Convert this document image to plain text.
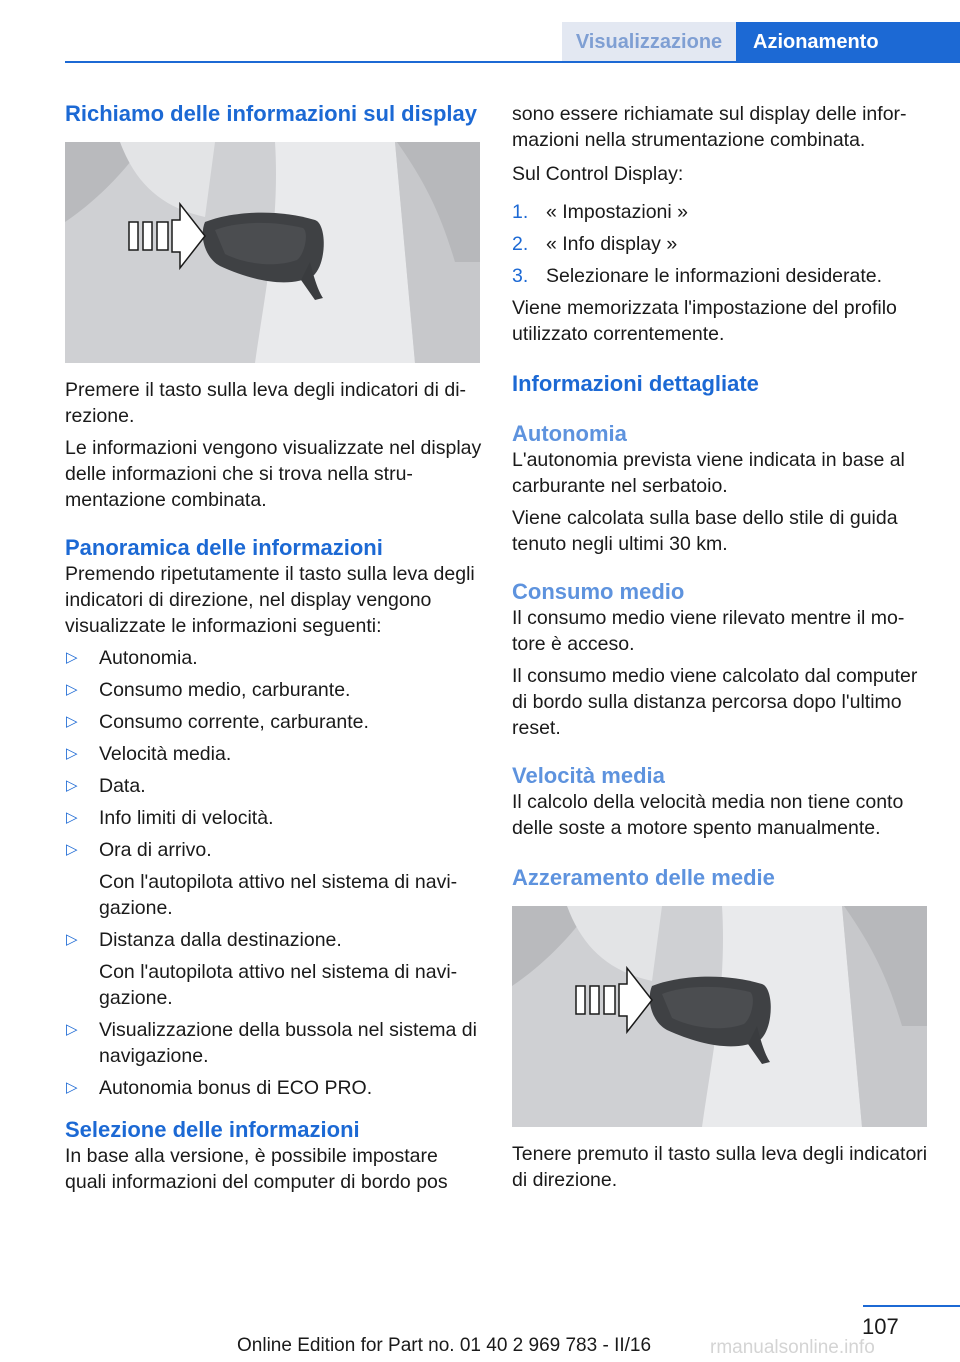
Visualizzazione	Azionamento
Richiamo delle informazioni sul display

Premere il tasto sulla leva degli indicatori di direzione.

Le informazioni vengono visualizzate nel display delle informazioni che si trova nella strumentazione combinata.

Panoramica delle informazioni

Premendo ripetutamente il tasto sulla leva degli indicatori di direzione, nel display vengono visualizzate le informazioni seguenti:

▷ Autonomia.
▷ Consumo medio, carburante.
▷ Consumo corrente, carburante.
▷ Velocità media.
▷ Data.
▷ Info limiti di velocità.
▷ Ora di arrivo.
Con l'autopilota attivo nel sistema di navigazione.
▷ Distanza dalla destinazione.
Con l'autopilota attivo nel sistema di navigazione.
▷ Visualizzazione della bussola nel sistema di navigazione.
▷ Autonomia bonus di ECO PRO.
Selezione delle informazioni

In base alla versione, è possibile impostare quali informazioni del computer di bordo pos

sono essere richiamate sul display delle informazioni nella strumentazione combinata.

Sul Control Display:

1. « Impostazioni »
2. « Info display »
3. Selezionare le informazioni desiderate.

Viene memorizzata l'impostazione del profilo utilizzato correntemente.

Informazioni dettagliate
Autonomia

L'autonomia prevista viene indicata in base al carburante nel serbatoio.

Viene calcolata sulla base dello stile di guida tenuto negli ultimi 30 km.

Consumo medio

Il consumo medio viene rilevato mentre il motore è acceso.

Il consumo medio viene calcolato dal computer di bordo sulla distanza percorsa dopo l'ultimo reset.

Velocità media

Il calcolo della velocità media non tiene conto delle soste a motore spento manualmente.

Azzeramento delle medie

Tenere premuto il tasto sulla leva degli indicatori di direzione.

107
Online Edition for Part no. 01 40 2 969 783 - II/16	rmanualsonline.info
